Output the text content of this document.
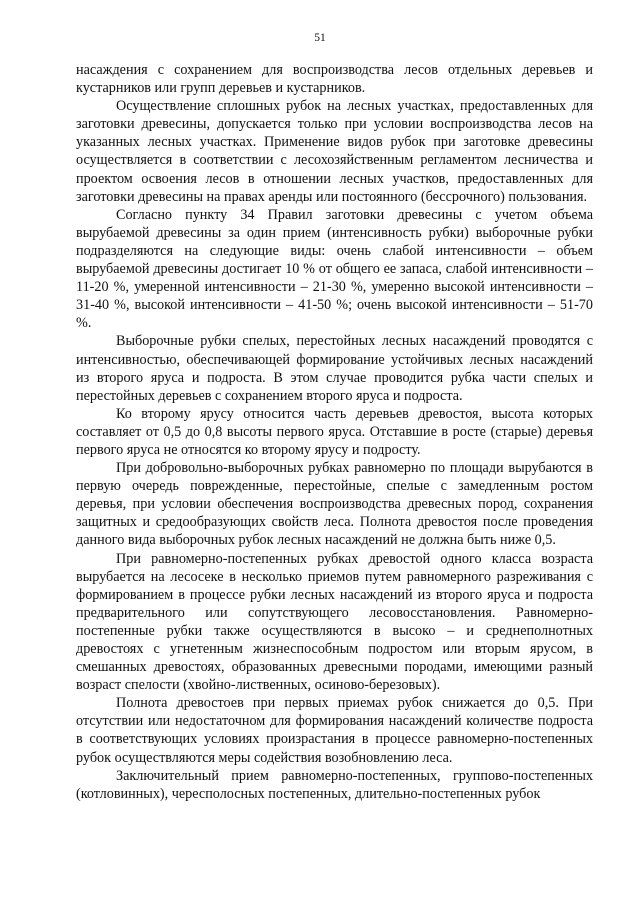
51

насаждения с сохранением для воспроизводства лесов отдельных деревьев и кустарников или групп деревьев и кустарников.

Осуществление сплошных рубок на лесных участках, предоставленных для заготовки древесины, допускается только при условии воспроизводства лесов на указанных лесных участках. Применение видов рубок при заготовке древесины осуществляется в соответствии с лесохозяйственным регламентом лесничества и проектом освоения лесов в отношении лесных участков, предоставленных для заготовки древесины на правах аренды или постоянного (бессрочного) пользования.

Согласно пункту 34 Правил заготовки древесины с учетом объема вырубаемой древесины за один прием (интенсивность рубки) выборочные рубки подразделяются на следующие виды: очень слабой интенсивности – объем вырубаемой древесины достигает 10 % от общего ее запаса, слабой интенсивности – 11-20 %, умеренной интенсивности – 21-30 %, умеренно высокой интенсивности – 31-40 %, высокой интенсивности – 41-50 %; очень высокой интенсивности – 51-70 %.

Выборочные рубки спелых, перестойных лесных насаждений проводятся с интенсивностью, обеспечивающей формирование устойчивых лесных насаждений из второго яруса и подроста. В этом случае проводится рубка части спелых и перестойных деревьев с сохранением второго яруса и подроста.

Ко второму ярусу относится часть деревьев древостоя, высота которых составляет от 0,5 до 0,8 высоты первого яруса. Отставшие в росте (старые) деревья первого яруса не относятся ко второму ярусу и подросту.

При добровольно-выборочных рубках равномерно по площади вырубаются в первую очередь поврежденные, перестойные, спелые с замедленным ростом деревья, при условии обеспечения воспроизводства древесных пород, сохранения защитных и средообразующих свойств леса. Полнота древостоя после проведения данного вида выборочных рубок лесных насаждений не должна быть ниже 0,5.

При равномерно-постепенных рубках древостой одного класса возраста вырубается на лесосеке в несколько приемов путем равномерного разреживания с формированием в процессе рубки лесных насаждений из второго яруса и подроста предварительного или сопутствующего лесовосстановления. Равномерно-постепенные рубки также осуществляются в высоко – и среднеполнотных древостоях с угнетенным жизнеспособным подростом или вторым ярусом, в смешанных древостоях, образованных древесными породами, имеющими разный возраст спелости (хвойно-лиственных, осиново-березовых).

Полнота древостоев при первых приемах рубок снижается до 0,5. При отсутствии или недостаточном для формирования насаждений количестве подроста в соответствующих условиях произрастания в процессе равномерно-постепенных рубок осуществляются меры содействия возобновлению леса.

Заключительный прием равномерно-постепенных, группово-постепенных (котловинных), чересполосных постепенных, длительно-постепенных рубок
